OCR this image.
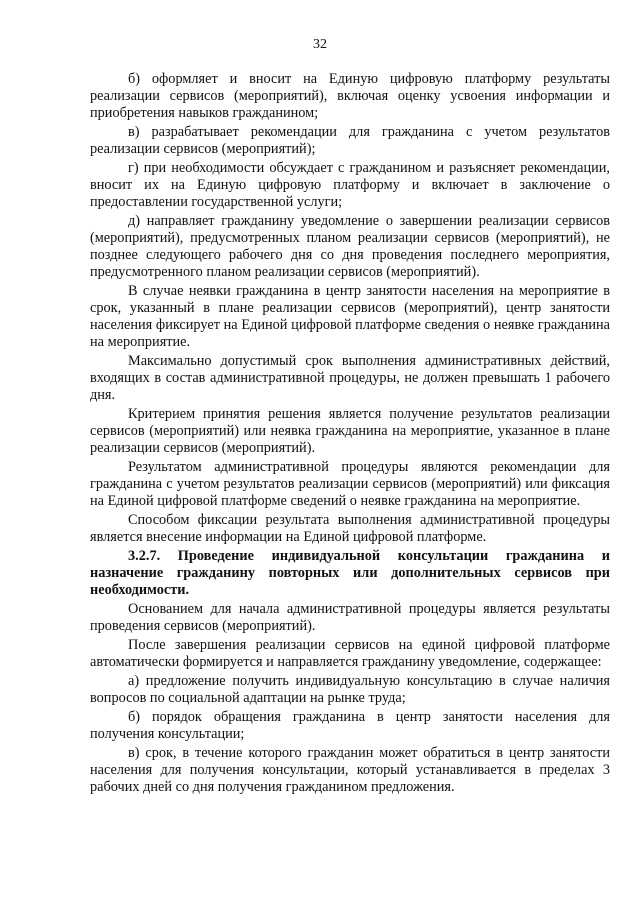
32

б) оформляет и вносит на Единую цифровую платформу результаты реализации сервисов (мероприятий), включая оценку усвоения информации и приобретения навыков гражданином;

в) разрабатывает рекомендации для гражданина с учетом результатов реализации сервисов (мероприятий);

г) при необходимости обсуждает с гражданином и разъясняет рекомендации, вносит их на Единую цифровую платформу и включает в заключение о предоставлении государственной услуги;

д) направляет гражданину уведомление о завершении реализации сервисов (мероприятий), предусмотренных планом реализации сервисов (мероприятий), не позднее следующего рабочего дня со дня проведения последнего мероприятия, предусмотренного планом реализации сервисов (мероприятий).

В случае неявки гражданина в центр занятости населения на мероприятие в срок, указанный в плане реализации сервисов (мероприятий), центр занятости населения фиксирует на Единой цифровой платформе сведения о неявке гражданина на мероприятие.

Максимально допустимый срок выполнения административных действий, входящих в состав административной процедуры, не должен превышать 1 рабочего дня.

Критерием принятия решения является получение результатов реализации сервисов (мероприятий) или неявка гражданина на мероприятие, указанное в плане реализации сервисов (мероприятий).

Результатом административной процедуры являются рекомендации для гражданина с учетом результатов реализации сервисов (мероприятий) или фиксация на Единой цифровой платформе сведений о неявке гражданина на мероприятие.

Способом фиксации результата выполнения административной процедуры является внесение информации на Единой цифровой платформе.

3.2.7. Проведение индивидуальной консультации гражданина и назначение гражданину повторных или дополнительных сервисов при необходимости.

Основанием для начала административной процедуры является результаты проведения сервисов (мероприятий).

После завершения реализации сервисов на единой цифровой платформе автоматически формируется и направляется гражданину уведомление, содержащее:

а) предложение получить индивидуальную консультацию в случае наличия вопросов по социальной адаптации на рынке труда;

б) порядок обращения гражданина в центр занятости населения для получения консультации;

в) срок, в течение которого гражданин может обратиться в центр занятости населения для получения консультации, который устанавливается в пределах 3 рабочих дней со дня получения гражданином предложения.
